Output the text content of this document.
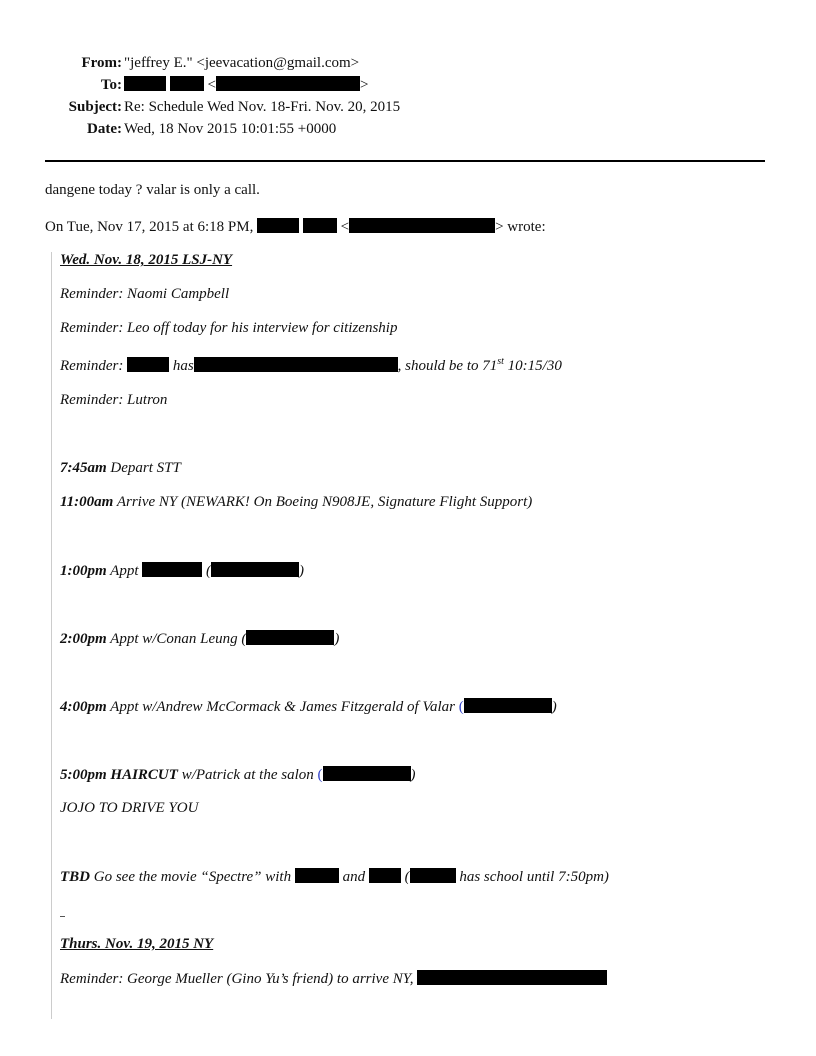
From: "jeffrey E." <jeevacation@gmail.com>
To:	<	>
Subject: Re: Schedule Wed Nov. 18-Fri. Nov. 20, 2015
Date: Wed, 18 Nov 2015 10:01:55 +0000
dangene today ? valar is only a call.
On Tue, Nov 17, 2015 at 6:18 PM,	<	> wrote:
Wed. Nov. 18, 2015 LSJ-NY
Reminder: Naomi Campbell
Reminder: Leo off today for his interview for citizenship
Reminder:	has	, should be to 71st 10:15/30
Reminder: Lutron
7:45am Depart STT
11:00am Arrive NY (NEWARK! On Boeing N908JE, Signature Flight Support)
1:00pm Appt	(	)
2:00pm Appt w/Conan Leung (	)
4:00pm Appt w/Andrew McCormack & James Fitzgerald of Valar (	)
5:00pm HAIRCUT w/Patrick at the salon (	)
JOJO TO DRIVE YOU
TBD Go see the movie “Spectre” with	and  (	has school until 7:50pm)
Thurs. Nov. 19, 2015 NY
Reminder: George Mueller (Gino Yu’s friend) to arrive NY,
